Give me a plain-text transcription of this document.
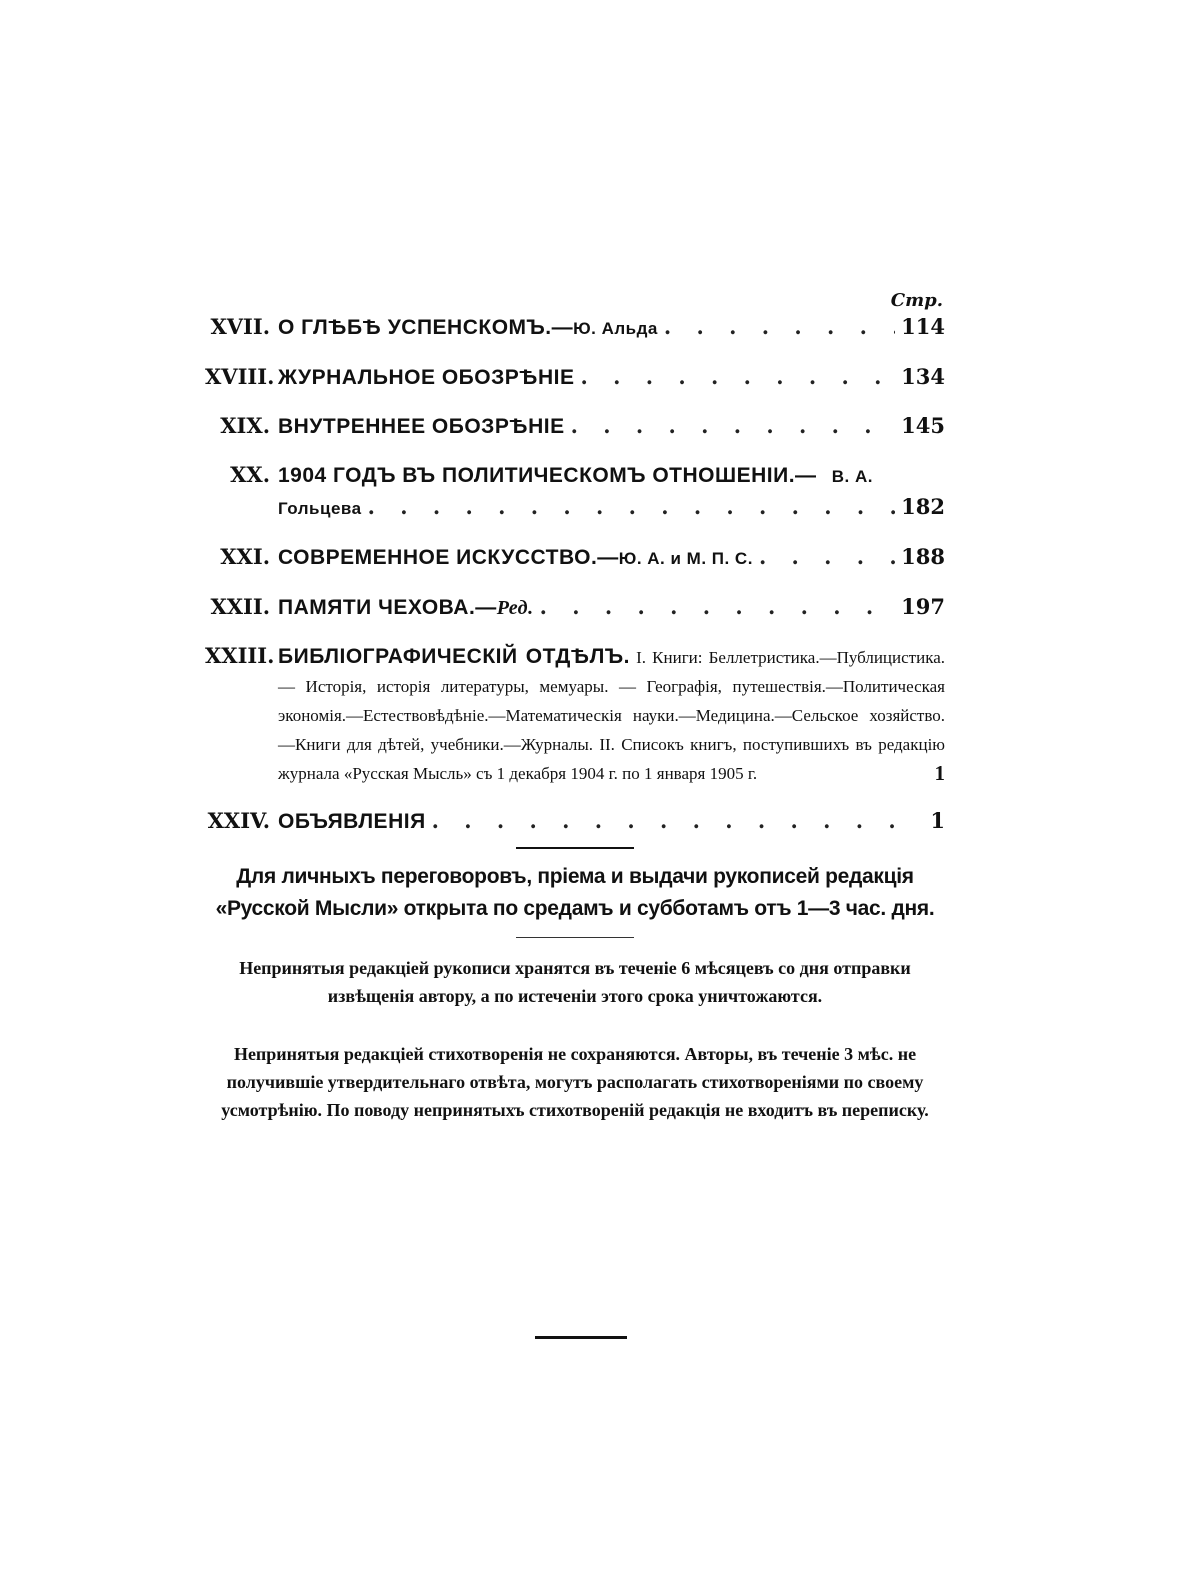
Стр.
XVII . О ГЛѢБѢ УСПЕНСКОМЪ.— Ю. Альда . . .	114
XVIII . ЖУРНАЛЬНОЕ ОБОЗРѢНІЕ . . .	134
XIX . ВНУТРЕННЕЕ ОБОЗРѢНІЕ . . .	145
XX . 1904 ГОДЪ ВЪ ПОЛИТИЧЕСКОМЪ ОТНОШЕНІИ.— В. А.
Гольцева . . .	182
XXI . СОВРЕМЕННОЕ ИСКУССТВО.— Ю. А. и М. П. С. . . .	188
XXII . ПАМЯТИ ЧЕХОВА.— Ред. . . .	197
XXIII . БИБЛІОГРАФИЧЕСКІЙ ОТДѢЛЪ. I. Книги: Беллетристика.—Публицистика. — Исторія, исторія литературы, мемуары. — Географія, путешествія.—Политическая экономія.—Естествовѣдѣніе.—Математическія науки.—Медицина.—Сельское хозяйство.—Книги для дѣтей, учебники.—Журналы. II. Списокъ книгъ, поступившихъ въ редакцію журнала «Русская Мысль» съ 1 декабря 1904 г. по 1 января 1905 г.	1
XXIV . ОБЪЯВЛЕНІЯ . . .	1
Для личныхъ переговоровъ, пріема и выдачи рукописей редакція «Русской Мысли» открыта по средамъ и субботамъ отъ 1—3 час. дня.
Непринятыя редакціей рукописи хранятся въ теченіе 6 мѣсяцевъ со дня отправки извѣщенія автору, а по истеченіи этого срока уничтожаются.
Непринятыя редакціей стихотворенія не сохраняются. Авторы, въ теченіе 3 мѣс. не получившіе утвердительнаго отвѣта, могутъ располагать стихотвореніями по своему усмотрѣнію. По поводу непринятыхъ стихотвореній редакція не входитъ въ переписку.
